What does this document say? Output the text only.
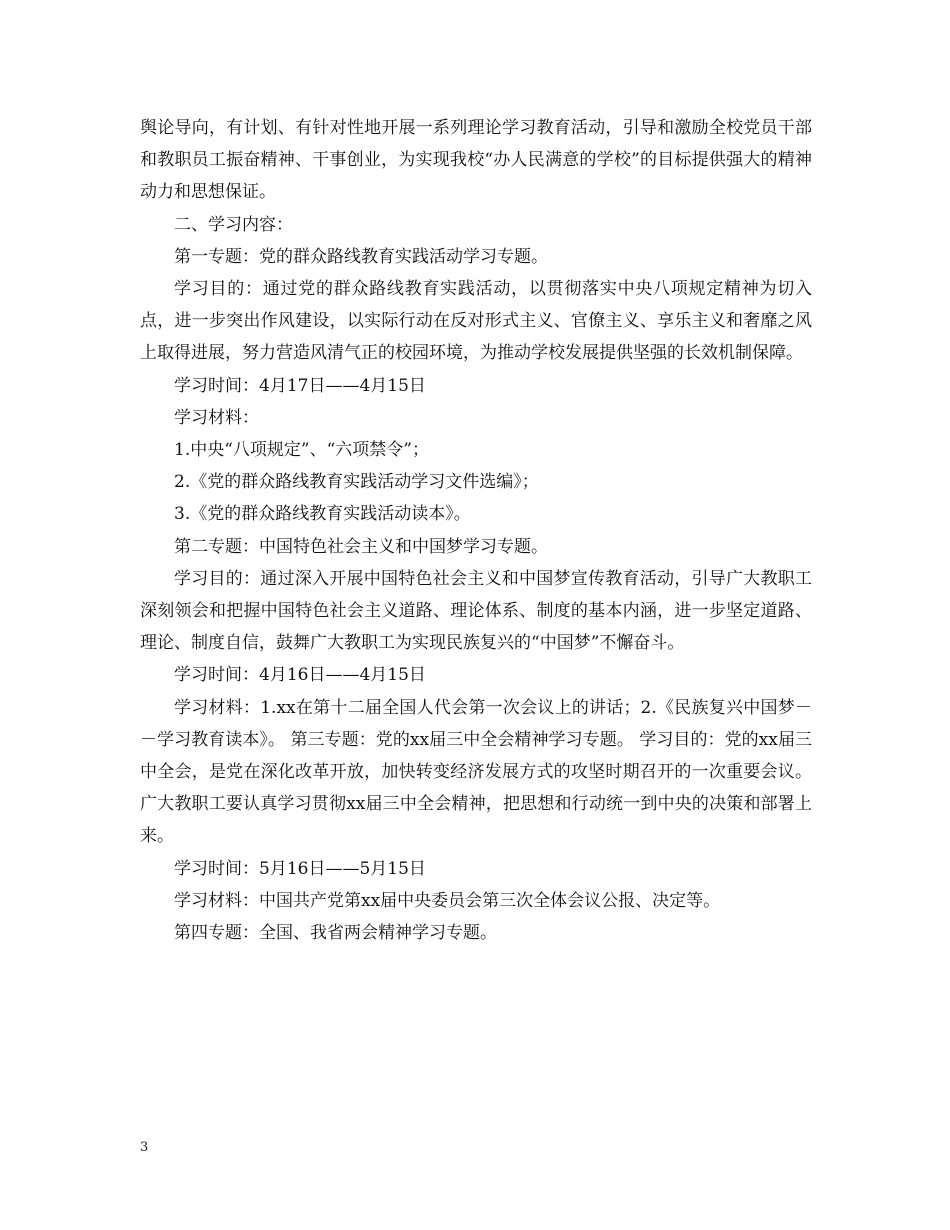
舆论导向，有计划、有针对性地开展一系列理论学习教育活动，引导和激励全校党员干部和教职员工振奋精神、干事创业，为实现我校“办人民满意的学校”的目标提供强大的精神动力和思想保证。

二、学习内容：

第一专题：党的群众路线教育实践活动学习专题。

学习目的：通过党的群众路线教育实践活动，以贯彻落实中央八项规定精神为切入点，进一步突出作风建设，以实际行动在反对形式主义、官僚主义、享乐主义和奢靡之风上取得进展，努力营造风清气正的校园环境，为推动学校发展提供坚强的长效机制保障。

学习时间：4月17日——4月15日

学习材料：

1.中央“八项规定”、“六项禁令”；

2.《党的群众路线教育实践活动学习文件选编》；

3.《党的群众路线教育实践活动读本》。

第二专题：中国特色社会主义和中国梦学习专题。

学习目的：通过深入开展中国特色社会主义和中国梦宣传教育活动，引导广大教职工深刻领会和把握中国特色社会主义道路、理论体系、制度的基本内涵，进一步坚定道路、理论、制度自信，鼓舞广大教职工为实现民族复兴的“中国梦”不懈奋斗。

学习时间：4月16日——4月15日

学习材料：1.xx在第十二届全国人代会第一次会议上的讲话；2.《民族复兴中国梦－－学习教育读本》。 第三专题：党的xx届三中全会精神学习专题。 学习目的：党的xx届三中全会，是党在深化改革开放，加快转变经济发展方式的攻坚时期召开的一次重要会议。广大教职工要认真学习贯彻xx届三中全会精神，把思想和行动统一到中央的决策和部署上来。

学习时间：5月16日——5月15日

学习材料：中国共产党第xx届中央委员会第三次全体会议公报、决定等。

第四专题：全国、我省两会精神学习专题。

3
